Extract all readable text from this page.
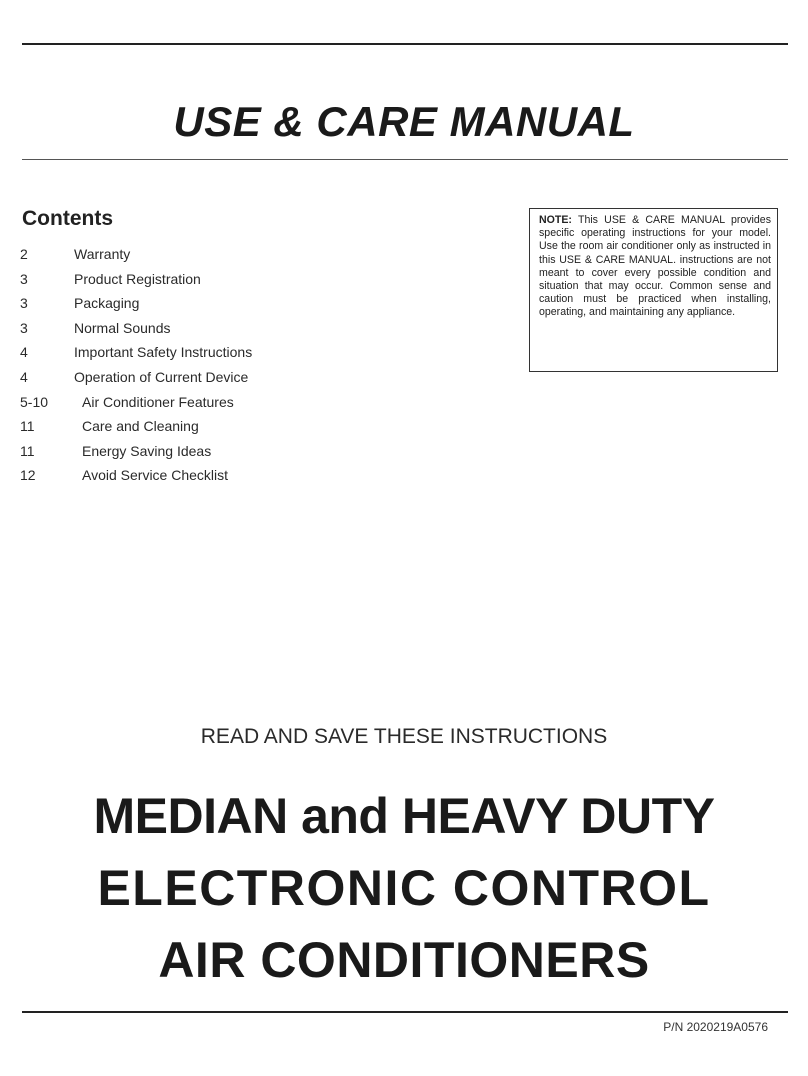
USE & CARE MANUAL
Contents
2	Warranty
3	Product Registration
3	Packaging
3	Normal Sounds
4	Important Safety Instructions
4	Operation of Current Device
5-10 Air Conditioner Features
11	Care and Cleaning
11	Energy Saving Ideas
12	Avoid Service Checklist
NOTE: This USE & CARE MANUAL provides specific operating instructions for your model. Use the room air conditioner only as instructed in this USE & CARE MANUAL. instructions are not meant to cover every possible condition and situation that may occur. Common sense and caution must be practiced when installing, operating, and maintaining any appliance.
READ AND SAVE THESE INSTRUCTIONS
MEDIAN and HEAVY DUTY
ELECTRONIC CONTROL
AIR CONDITIONERS
P/N 2020219A0576
